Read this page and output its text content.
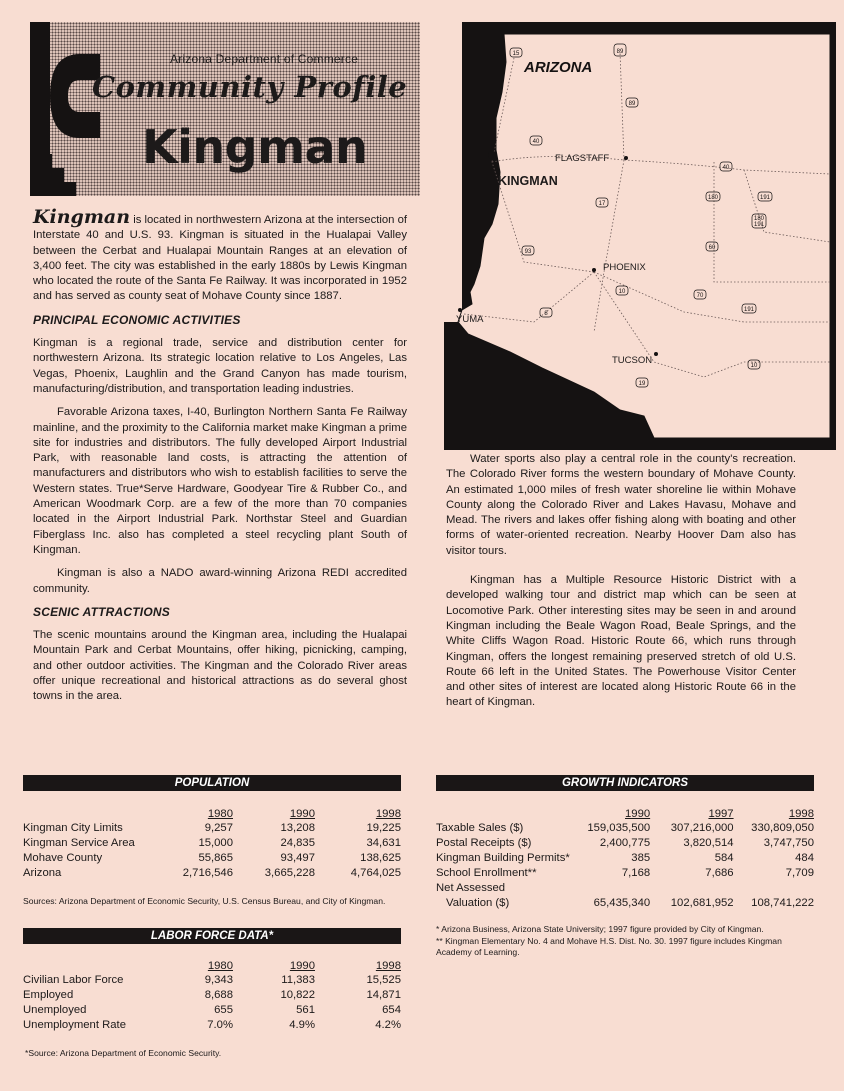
Arizona Department of Commerce
Community Profile
Kingman
15	89
89
40
40
17
180	191
180
191
60
93
10
70
8
191
19
10
ARIZONA
KINGMAN
FLAGSTAFF
PHOENIX
YUMA
TUCSON

Kingman is located in northwestern Arizona at the intersection of Interstate 40 and U.S. 93. Kingman is situated in the Hualapai Valley between the Cerbat and Hualapai Mountain Ranges at an elevation of 3,400 feet. The city was established in the early 1880s by Lewis Kingman who located the route of the Santa Fe Railway. It was incorporated in 1952 and has served as county seat of Mohave County since 1887.

PRINCIPAL ECONOMIC ACTIVITIES

Kingman is a regional trade, service and distribution center for northwestern Arizona. Its strategic location relative to Los Angeles, Las Vegas, Phoenix, Laughlin and the Grand Canyon has made tourism, manufacturing/distribution, and transportation leading industries.

Favorable Arizona taxes, I-40, Burlington Northern Santa Fe Railway mainline, and the proximity to the California market make Kingman a prime site for industries and distributors. The fully developed Airport Industrial Park, with reasonable land costs, is attracting the attention of manufacturers and distributors who wish to establish facilities to serve the Western states. True*Serve Hardware, Goodyear Tire & Rubber Co., and American Woodmark Corp. are a few of the more than 70 companies located in the Airport Industrial Park. Northstar Steel and Guardian Fiberglass Inc. also has completed a steel recycling plant South of Kingman.

Kingman is also a NADO award-winning Arizona REDI accredited community.

SCENIC ATTRACTIONS

The scenic mountains around the Kingman area, including the Hualapai Mountain Park and Cerbat Mountains, offer hiking, picnicking, camping, and other outdoor activities. The Kingman and the Colorado River areas offer unique recreational and historical attractions as do several ghost towns in the area.

Water sports also play a central role in the county's recreation. The Colorado River forms the western boundary of Mohave County. An estimated 1,000 miles of fresh water shoreline lie within Mohave County along the Colorado River and Lakes Havasu, Mohave and Mead. The rivers and lakes offer fishing along with boating and other forms of water-oriented recreation. Nearby Hoover Dam also has visitor tours.

Kingman has a Multiple Resource Historic District with a developed walking tour and district map which can be seen at Locomotive Park. Other interesting sites may be seen in and around Kingman including the Beale Wagon Road, Beale Springs, and the White Cliffs Wagon Road. Historic Route 66, which runs through Kingman, offers the longest remaining preserved stretch of old U.S. Route 66 left in the United States. The Powerhouse Visitor Center and other sites of interest are located along Historic Route 66 in the heart of Kingman.

POPULATION
	1980	1990	1998
Kingman City Limits	9,257	13,208	19,225
Kingman Service Area	15,000	24,835	34,631
Mohave County	55,865	93,497	138,625
Arizona	2,716,546	3,665,228	4,764,025
Sources: Arizona Department of Economic Security, U.S. Census Bureau, and City of Kingman.
LABOR FORCE DATA*
	1980	1990	1998
Civilian Labor Force	9,343	11,383	15,525
Employed	8,688	10,822	14,871
Unemployed	655	561	654
Unemployment Rate	7.0%	4.9%	4.2%
*Source: Arizona Department of Economic Security.
GROWTH INDICATORS
	1990	1997	1998
Taxable Sales ($)	159,035,500	307,216,000	330,809,050
Postal Receipts ($)	2,400,775	3,820,514	3,747,750
Kingman Building Permits*	385	584	484
School Enrollment**	7,168	7,686	7,709
Net Assessed			
Valuation ($)	65,435,340	102,681,952	108,741,222
* Arizona Business, Arizona State University; 1997 figure provided by City of Kingman.
** Kingman Elementary No. 4 and Mohave H.S. Dist. No. 30. 1997 figure includes Kingman Academy of Learning.
